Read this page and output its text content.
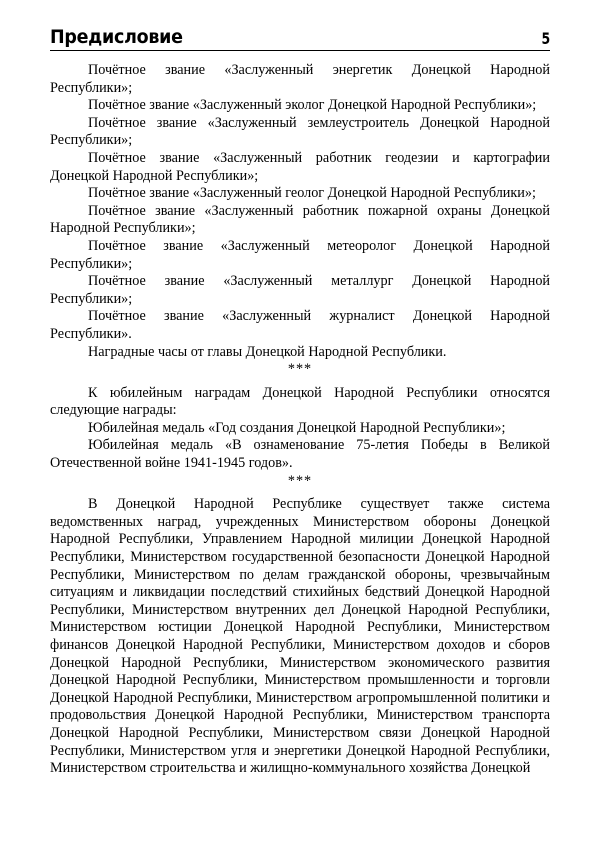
Предисловие	5

Почётное звание «Заслуженный энергетик Донецкой Народной Республики»;

Почётное звание «Заслуженный эколог Донецкой Народной Республики»;

Почётное звание «Заслуженный землеустроитель Донецкой Народной Республики»;

Почётное звание «Заслуженный работник геодезии и картографии Донецкой Народной Республики»;

Почётное звание «Заслуженный геолог Донецкой Народной Республики»;

Почётное звание «Заслуженный работник пожарной охраны Донецкой Народной Республики»;

Почётное звание «Заслуженный метеоролог Донецкой Народной Республики»;

Почётное звание «Заслуженный металлург Донецкой Народной Республики»;

Почётное звание «Заслуженный журналист Донецкой Народной Республики».

Наградные часы от главы Донецкой Народной Республики.

***

К юбилейным наградам Донецкой Народной Республики относятся следующие награды:

Юбилейная медаль «Год создания Донецкой Народной Республики»;

Юбилейная медаль «В ознаменование 75-летия Победы в Великой Отечественной войне 1941-1945 годов».

***

В Донецкой Народной Республике существует также система ведомственных наград, учрежденных Министерством обороны Донецкой Народной Республики, Управлением Народной милиции Донецкой Народной Республики, Министерством государственной безопасности Донецкой Народной Республики, Министерством по делам гражданской обороны, чрезвычайным ситуациям и ликвидации последствий стихийных бедствий Донецкой Народной Республики, Министерством внутренних дел Донецкой Народной Республики, Министерством юстиции Донецкой Народной Республики, Министерством финансов Донецкой Народной Республики, Министерством доходов и сборов Донецкой Народной Республики, Министерством экономического развития Донецкой Народной Республики, Министерством промышленности и торговли Донецкой Народной Республики, Министерством агропромышленной политики и продовольствия Донецкой Народной Республики, Министерством транспорта Донецкой Народной Республики, Министерством связи Донецкой Народной Республики, Министерством угля и энергетики Донецкой Народной Республики, Министерством строительства и жилищно-коммунального хозяйства Донецкой
